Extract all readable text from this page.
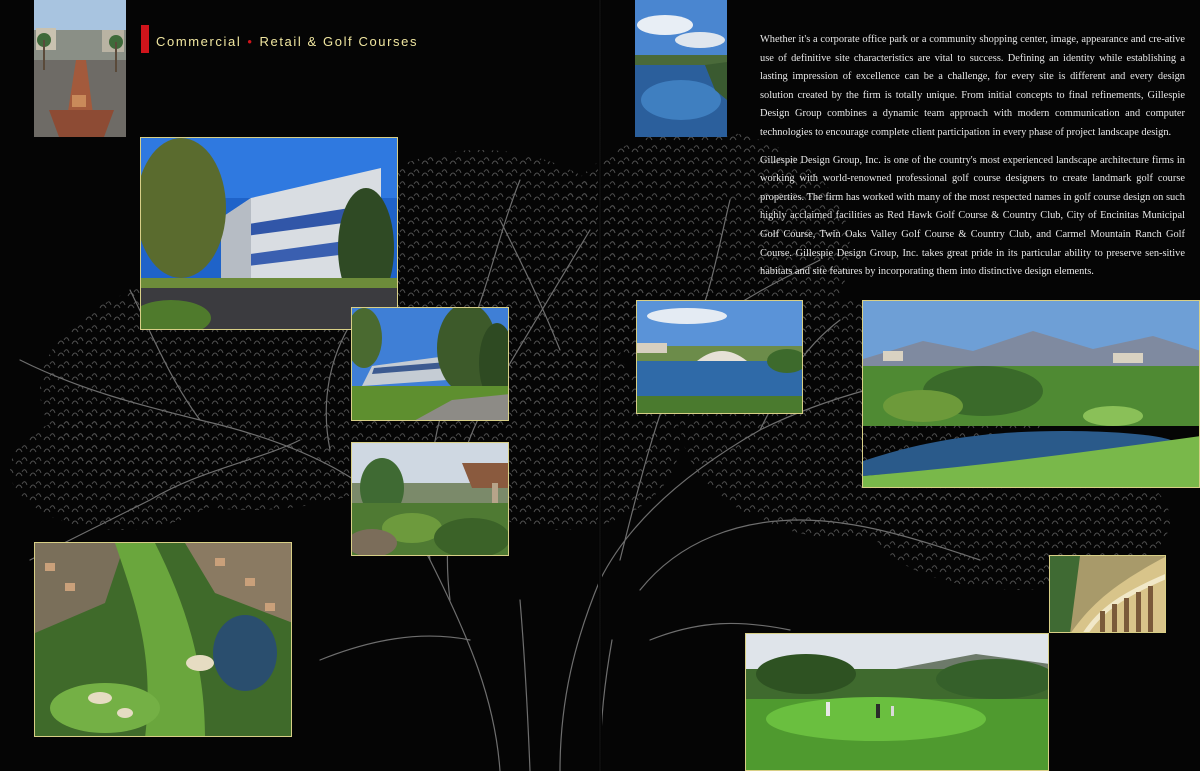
Commercial • Retail & Golf Courses	Whether it's a corporate office park or a community shopping center, image, appearance and cre-ative use of definitive site characteristics are vital to success. Defining an identity while establishing a lasting impression of excellence can be a challenge, for every site is different and every design solution created by the firm is totally unique. From initial concepts to final refinements, Gillespie Design Group combines a dynamic team approach with modern communication and computer technologies to encourage complete client participation in every phase of project landscape design.

Gillespie Design Group, Inc. is one of the country's most experienced landscape architecture firms in working with world-renowned professional golf course designers to create landmark golf course properties. The firm has worked with many of the most respected names in golf course design on such highly acclaimed facilities as Red Hawk Golf Course & Country Club, City of Encinitas Municipal Golf Course, Twin Oaks Valley Golf Course & Country Club, and Carmel Mountain Ranch Golf Course. Gillespie Design Group, Inc. takes great pride in its particular ability to preserve sen-sitive habitats and site features by incorporating them into distinctive design elements.
